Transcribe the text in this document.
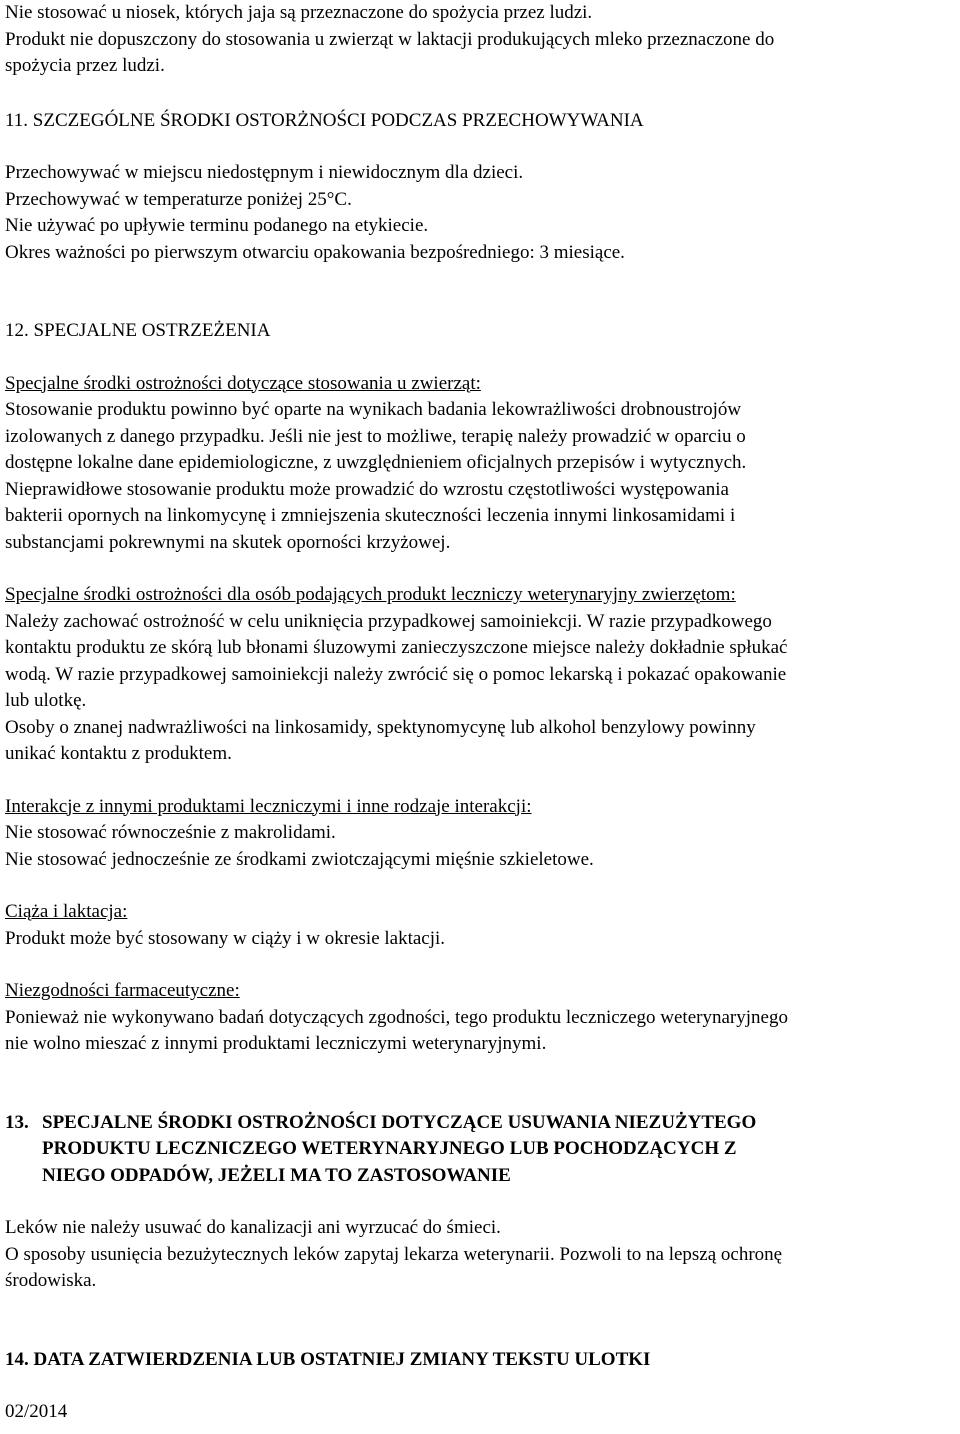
Nie stosować u niosek, których jaja są przeznaczone do spożycia przez ludzi.
Produkt nie dopuszczony do stosowania u zwierząt w laktacji produkujących mleko przeznaczone do
spożycia przez ludzi.
11. SZCZEGÓLNE ŚRODKI OSTORŻNOŚCI PODCZAS PRZECHOWYWANIA
Przechowywać w miejscu niedostępnym i niewidocznym dla dzieci.
Przechowywać w temperaturze poniżej 25°C.
Nie używać po upływie terminu podanego na etykiecie.
Okres ważności po pierwszym otwarciu opakowania bezpośredniego: 3 miesiące.
12. SPECJALNE OSTRZEŻENIA
Specjalne środki ostrożności dotyczące stosowania u zwierząt:
Stosowanie produktu powinno być oparte na wynikach badania lekowrażliwości drobnoustrojów
izolowanych z danego przypadku. Jeśli nie jest to możliwe, terapię należy prowadzić w oparciu o
dostępne lokalne dane epidemiologiczne, z uwzględnieniem oficjalnych przepisów i wytycznych.
Nieprawidłowe stosowanie produktu może prowadzić do wzrostu częstotliwości występowania
bakterii opornych na linkomycynę i zmniejszenia skuteczności leczenia innymi linkosamidami i
substancjami pokrewnymi na skutek oporności krzyżowej.
Specjalne środki ostrożności dla osób podających produkt leczniczy weterynaryjny zwierzętom:
Należy zachować ostrożność w celu uniknięcia przypadkowej samoiniekcji. W razie przypadkowego
kontaktu produktu ze skórą lub błonami śluzowymi zanieczyszczone miejsce należy dokładnie spłukać
wodą. W razie przypadkowej samoiniekcji należy zwrócić się o pomoc lekarską i pokazać opakowanie
lub ulotkę.
Osoby o znanej nadwrażliwości na linkosamidy, spektynomycynę lub alkohol benzylowy powinny
unikać kontaktu z produktem.
Interakcje z innymi produktami leczniczymi i inne rodzaje interakcji:
Nie stosować równocześnie z makrolidami.
Nie stosować jednocześnie ze środkami zwiotczającymi mięśnie szkieletowe.
Ciąża i laktacja:
Produkt może być stosowany w ciąży i w okresie laktacji.
Niezgodności farmaceutyczne:
Ponieważ nie wykonywano badań dotyczących zgodności, tego produktu leczniczego weterynaryjnego
nie wolno mieszać z innymi produktami leczniczymi weterynaryjnymi.
13. SPECJALNE ŚRODKI OSTROŻNOŚCI DOTYCZĄCE USUWANIA NIEZUŻYTEGO
PRODUKTU LECZNICZEGO WETERYNARYJNEGO LUB POCHODZĄCYCH Z
NIEGO ODPADÓW, JEŻELI MA TO ZASTOSOWANIE
Leków nie należy usuwać do kanalizacji ani wyrzucać do śmieci.
O sposoby usunięcia bezużytecznych leków zapytaj lekarza weterynarii. Pozwoli to na lepszą ochronę
środowiska.
14. DATA ZATWIERDZENIA LUB OSTATNIEJ ZMIANY TEKSTU ULOTKI
02/2014
